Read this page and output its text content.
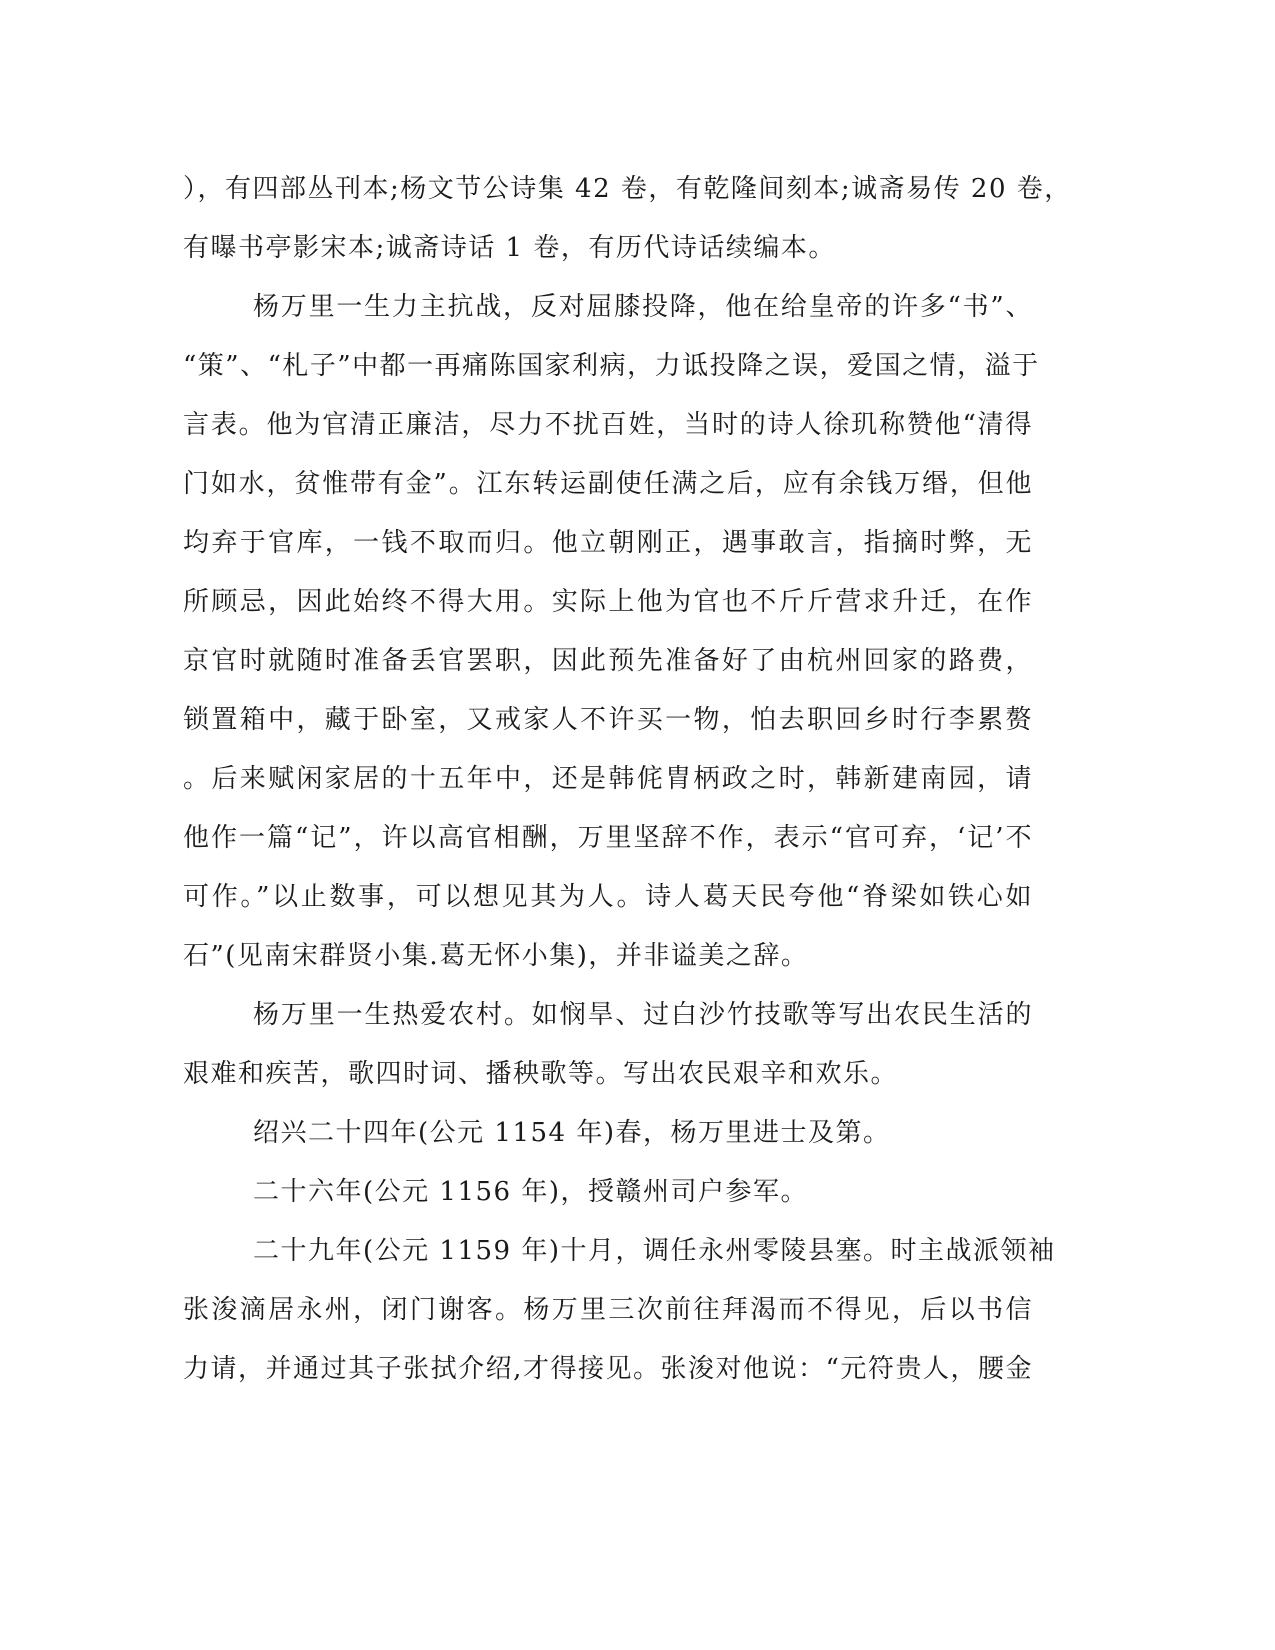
），有四部丛刊本;杨文节公诗集 42 卷，有乾隆间刻本;诚斋易传 20 卷，
有曝书亭影宋本;诚斋诗话 1 卷，有历代诗话续编本。
杨万里一生力主抗战，反对屈膝投降，他在给皇帝的许多“书”、
“策”、“札子”中都一再痛陈国家利病，力诋投降之误，爱国之情，溢于
言表。他为官清正廉洁，尽力不扰百姓，当时的诗人徐玑称赞他“清得
门如水，贫惟带有金”。江东转运副使任满之后，应有余钱万缗，但他
均弃于官库，一钱不取而归。他立朝刚正，遇事敢言，指摘时弊，无
所顾忌，因此始终不得大用。实际上他为官也不斤斤营求升迁，在作
京官时就随时准备丢官罢职，因此预先准备好了由杭州回家的路费，
锁置箱中，藏于卧室，又戒家人不许买一物，怕去职回乡时行李累赘
。后来赋闲家居的十五年中，还是韩侂胄柄政之时，韩新建南园，请
他作一篇“记”，许以高官相酬，万里坚辞不作，表示“官可弃，‘记’不
可作。”以止数事，可以想见其为人。诗人葛天民夸他“脊梁如铁心如
石”(见南宋群贤小集.葛无怀小集)，并非谥美之辞。
杨万里一生热爱农村。如悯旱、过白沙竹技歌等写出农民生活的
艰难和疾苦，歌四时词、播秧歌等。写出农民艰辛和欢乐。
绍兴二十四年(公元 1154 年)春，杨万里进士及第。
二十六年(公元 1156 年)，授赣州司户参军。
二十九年(公元 1159 年)十月，调任永州零陵县塞。时主战派领袖
张浚滴居永州，闭门谢客。杨万里三次前往拜渴而不得见，后以书信
力请，并通过其子张拭介绍,才得接见。张浚对他说：“元符贵人，腰金
